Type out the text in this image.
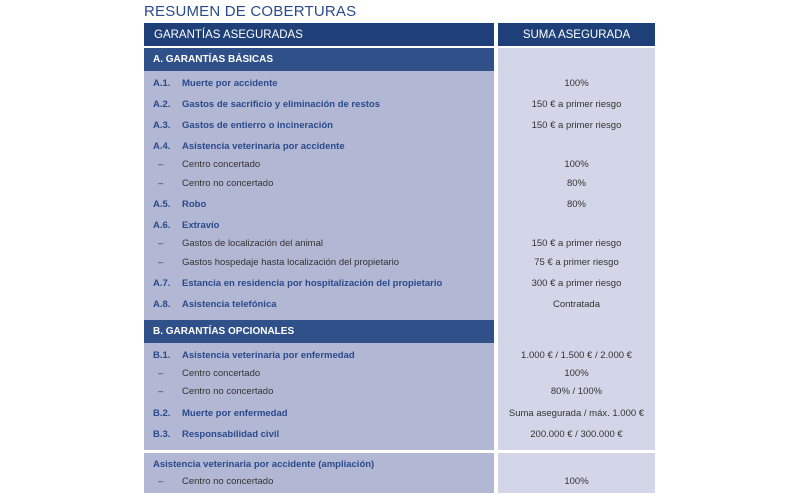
RESUMEN DE COBERTURAS
GARANTÍAS ASEGURADAS	SUMA ASEGURADA
A. GARANTÍAS BÁSICAS
B. GARANTÍAS OPCIONALES
A.1. Muerte por accidente	100%
A.2. Gastos de sacrificio y eliminación de restos	150 € a primer riesgo
A.3. Gastos de entierro o incineración	150 € a primer riesgo
A.4. Asistencia veterinaria por accidente
– Centro concertado	100%
– Centro no concertado	80%
A.5. Robo	80%
A.6. Extravío
– Gastos de localización del animal	150 € a primer riesgo
– Gastos hospedaje hasta localización del propietario	75 € a primer riesgo
A.7. Estancia en residencia por hospitalización del propietario	300 € a primer riesgo
A.8. Asistencia telefónica	Contratada
B.1. Asistencia veterinaria por enfermedad	1.000 € / 1.500 € / 2.000 €
– Centro concertado	100%
– Centro no concertado	80% / 100%
B.2. Muerte por enfermedad	Suma asegurada / máx. 1.000 €
B.3. Responsabilidad civil	200.000 € / 300.000 €
Asistencia veterinaria por accidente (ampliación)
– Centro no concertado	100%
